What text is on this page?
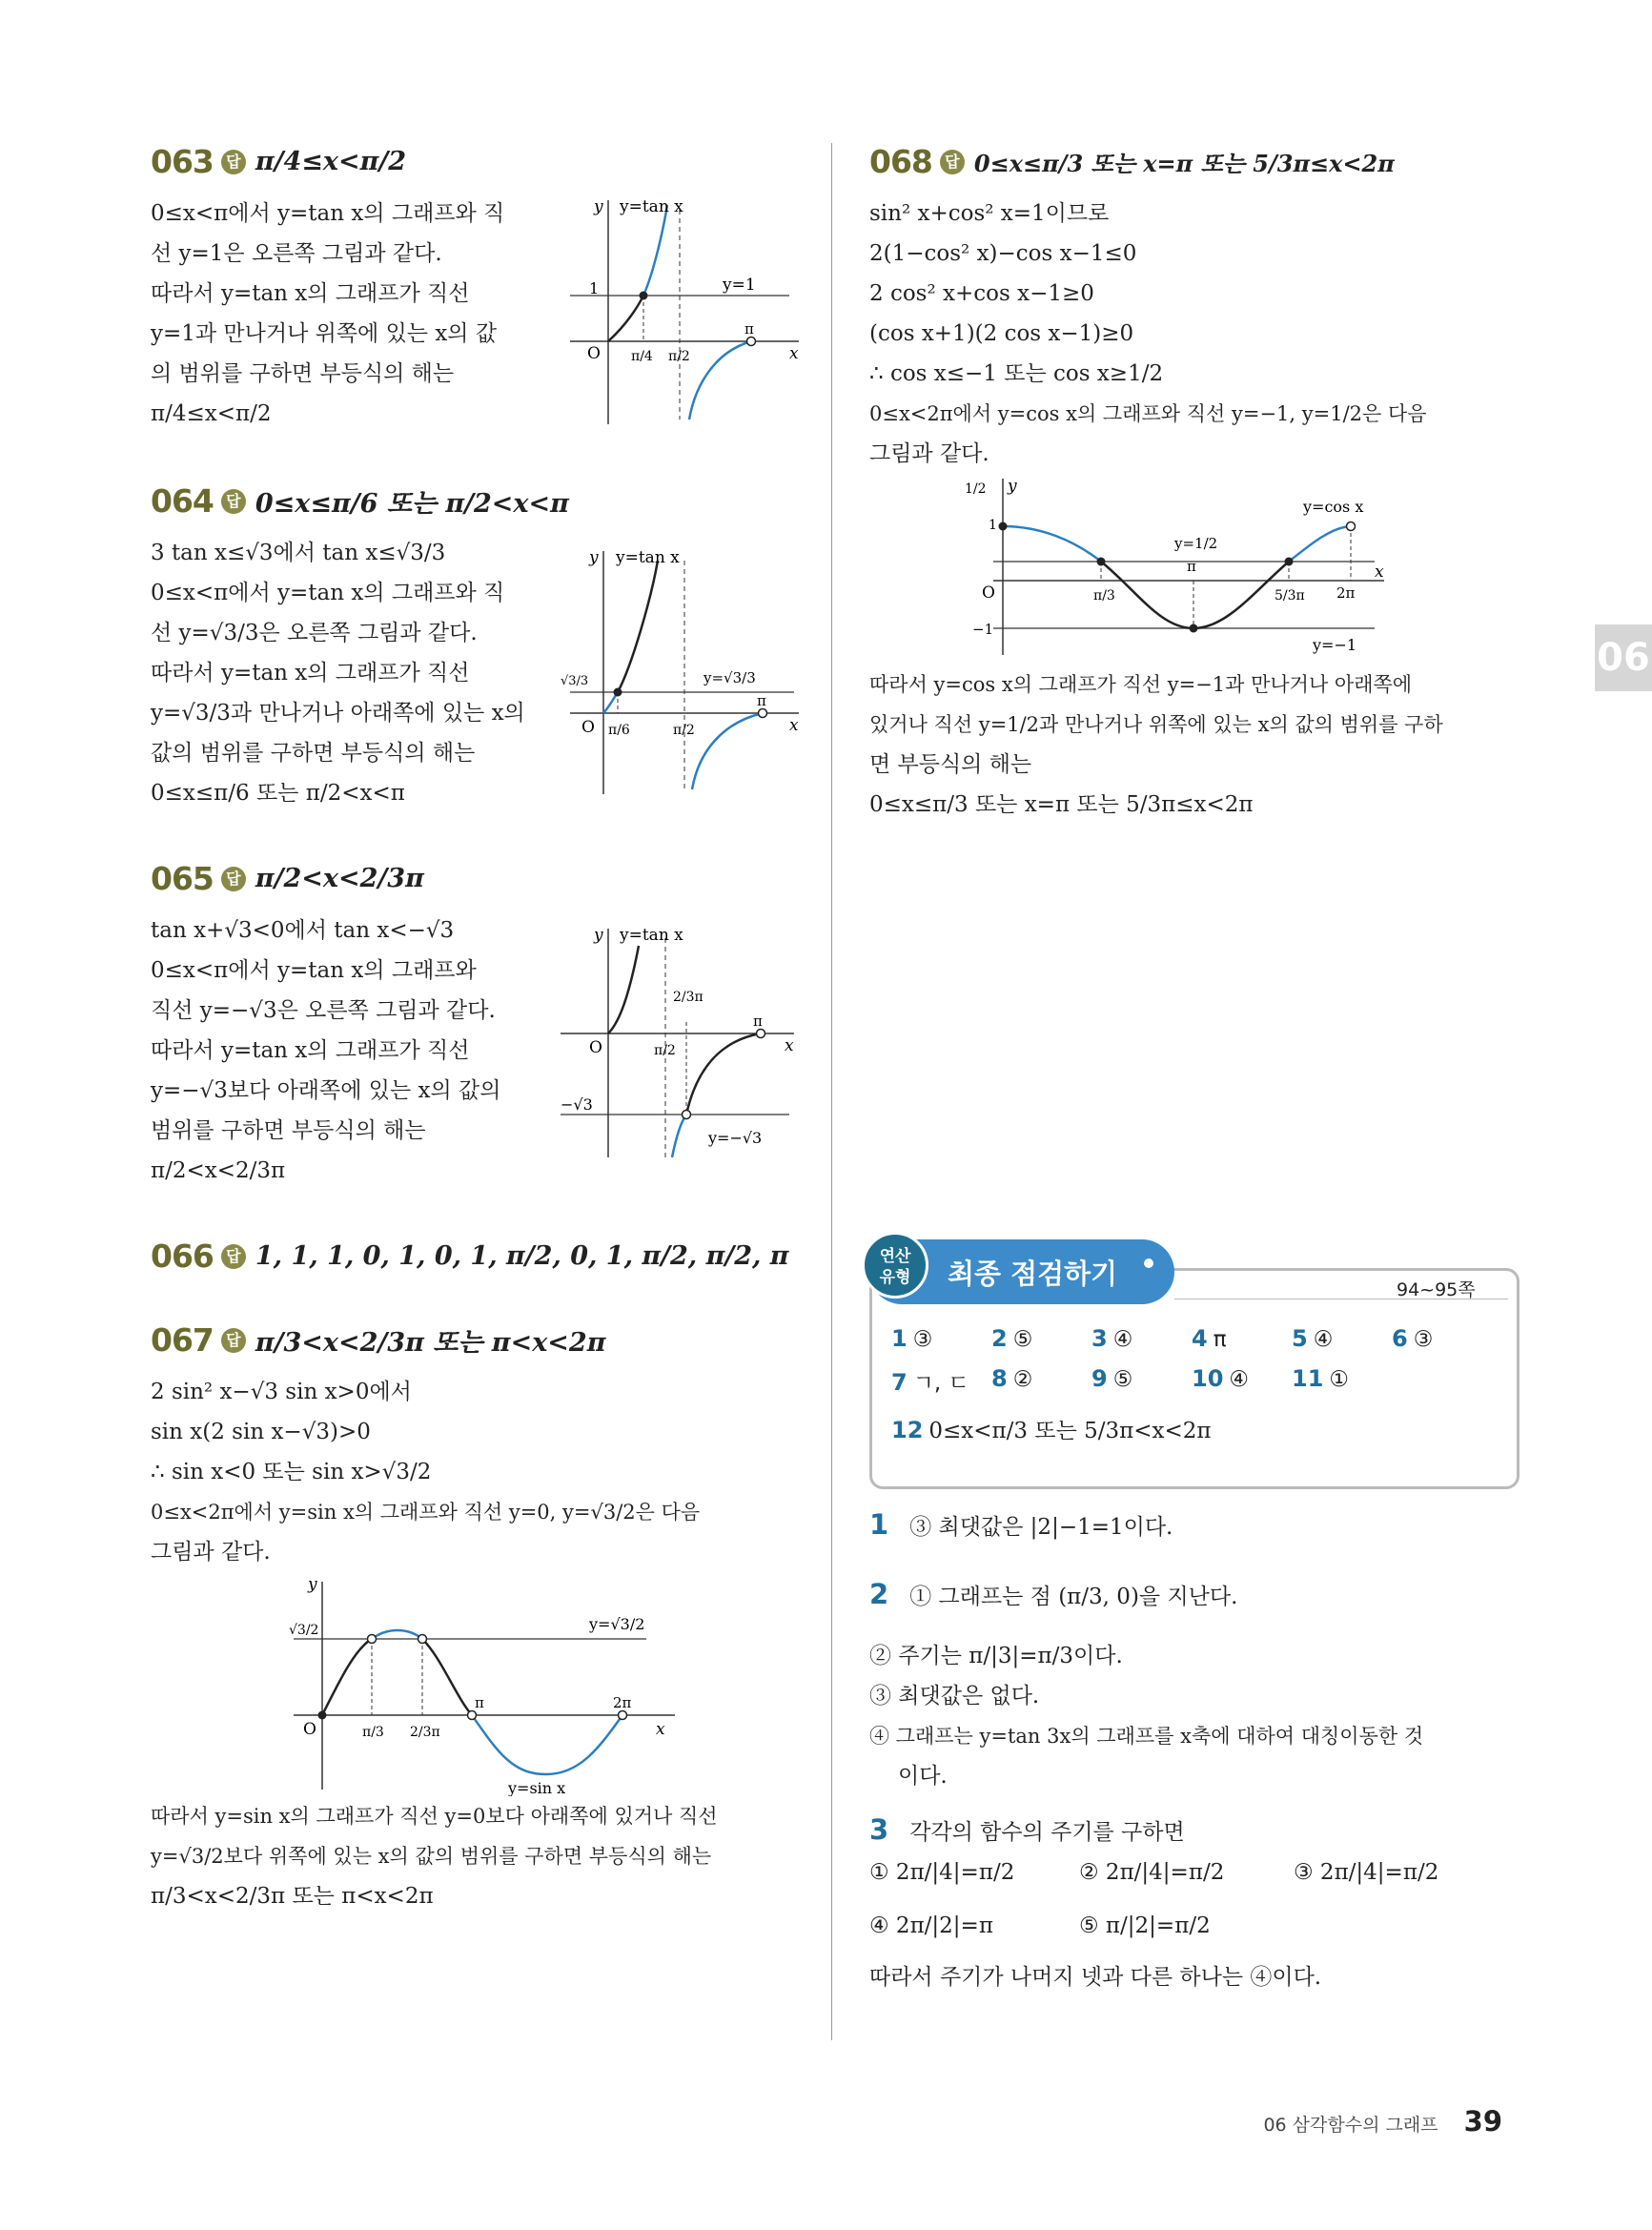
06
063 답 π/4≤x<π/2
0≤x<π에서 y=tan x의 그래프와 직
선 y=1은 오른쪽 그림과 같다.
따라서 y=tan x의 그래프가 직선
y=1과 만나거나 위쪽에 있는 x의 값
의 범위를 구하면 부등식의 해는
π/4≤x<π/2
y y=tan x
y=1
1
O π/4 π/2
π
x
064 답 0≤x≤π/6 또는 π/2<x<π
3 tan x≤√3에서 tan x≤√3/3
0≤x<π에서 y=tan x의 그래프와 직
선 y=√3/3은 오른쪽 그림과 같다.
따라서 y=tan x의 그래프가 직선
y=√3/3과 만나거나 아래쪽에 있는 x의
값의 범위를 구하면 부등식의 해는
0≤x≤π/6 또는 π/2<x<π
y y=tan x
y=√3/3
√3/3
O π/6	π/2
π
x
065 답 π/2<x<2/3π
tan x+√3<0에서 tan x<−√3
0≤x<π에서 y=tan x의 그래프와
직선 y=−√3은 오른쪽 그림과 같다.
따라서 y=tan x의 그래프가 직선
y=−√3보다 아래쪽에 있는 x의 값의
범위를 구하면 부등식의 해는
π/2<x<2/3π
y y=tan x
y=−√3
−√3
O	π/2
2/3π
π
x
066 답 1, 1, 1, 0, 1, 0, 1, π/2, 0, 1, π/2, π/2, π
067 답 π/3<x<2/3π 또는 π<x<2π
2 sin² x−√3 sin x>0에서
sin x(2 sin x−√3)>0
∴ sin x<0 또는 sin x>√3/2
0≤x<2π에서 y=sin x의 그래프와 직선 y=0, y=√3/2은 다음
그림과 같다.
y
√3/2	y=√3/2
O	π/3 2/3π
π	2π
x
y=sin x
따라서 y=sin x의 그래프가 직선 y=0보다 아래쪽에 있거나 직선
y=√3/2보다 위쪽에 있는 x의 값의 범위를 구하면 부등식의 해는
π/3<x<2/3π 또는 π<x<2π
068 답 0≤x≤π/3 또는 x=π 또는 5/3π≤x<2π
sin² x+cos² x=1이므로
2(1−cos² x)−cos x−1≤0
2 cos² x+cos x−1≥0
(cos x+1)(2 cos x−1)≥0
∴ cos x≤−1 또는 cos x≥1/2
0≤x<2π에서 y=cos x의 그래프와 직선 y=−1, y=1/2은 다음
그림과 같다.
y
1/2
1
−1
O	π/3
π
5/3π 2π
x
y=1/2
y=cos x
y=−1
따라서 y=cos x의 그래프가 직선 y=−1과 만나거나 아래쪽에
있거나 직선 y=1/2과 만나거나 위쪽에 있는 x의 값의 범위를 구하
면 부등식의 해는
0≤x≤π/3 또는 x=π 또는 5/3π≤x<2π
연산
유형	최종 점검하기	94~95쪽
1 ③	2 ⑤	3 ④	4 π	5 ④	6 ③
7 ㄱ, ㄷ 8 ②	9 ⑤	10 ④ 11 ①
12 0≤x<π/3 또는 5/3π<x<2π
1 ③ 최댓값은 |2|−1=1이다.
2 ① 그래프는 점 (π/3, 0)을 지난다.
② 주기는 π/|3|=π/3이다.
③ 최댓값은 없다.
④ 그래프는 y=tan 3x의 그래프를 x축에 대하여 대칭이동한 것
이다.
3 각각의 함수의 주기를 구하면
① 2π/|4|=π/2	② 2π/|4|=π/2	③ 2π/|4|=π/2
④ 2π/|2|=π	⑤ π/|2|=π/2
따라서 주기가 나머지 넷과 다른 하나는 ④이다.
06 삼각함수의 그래프 39
